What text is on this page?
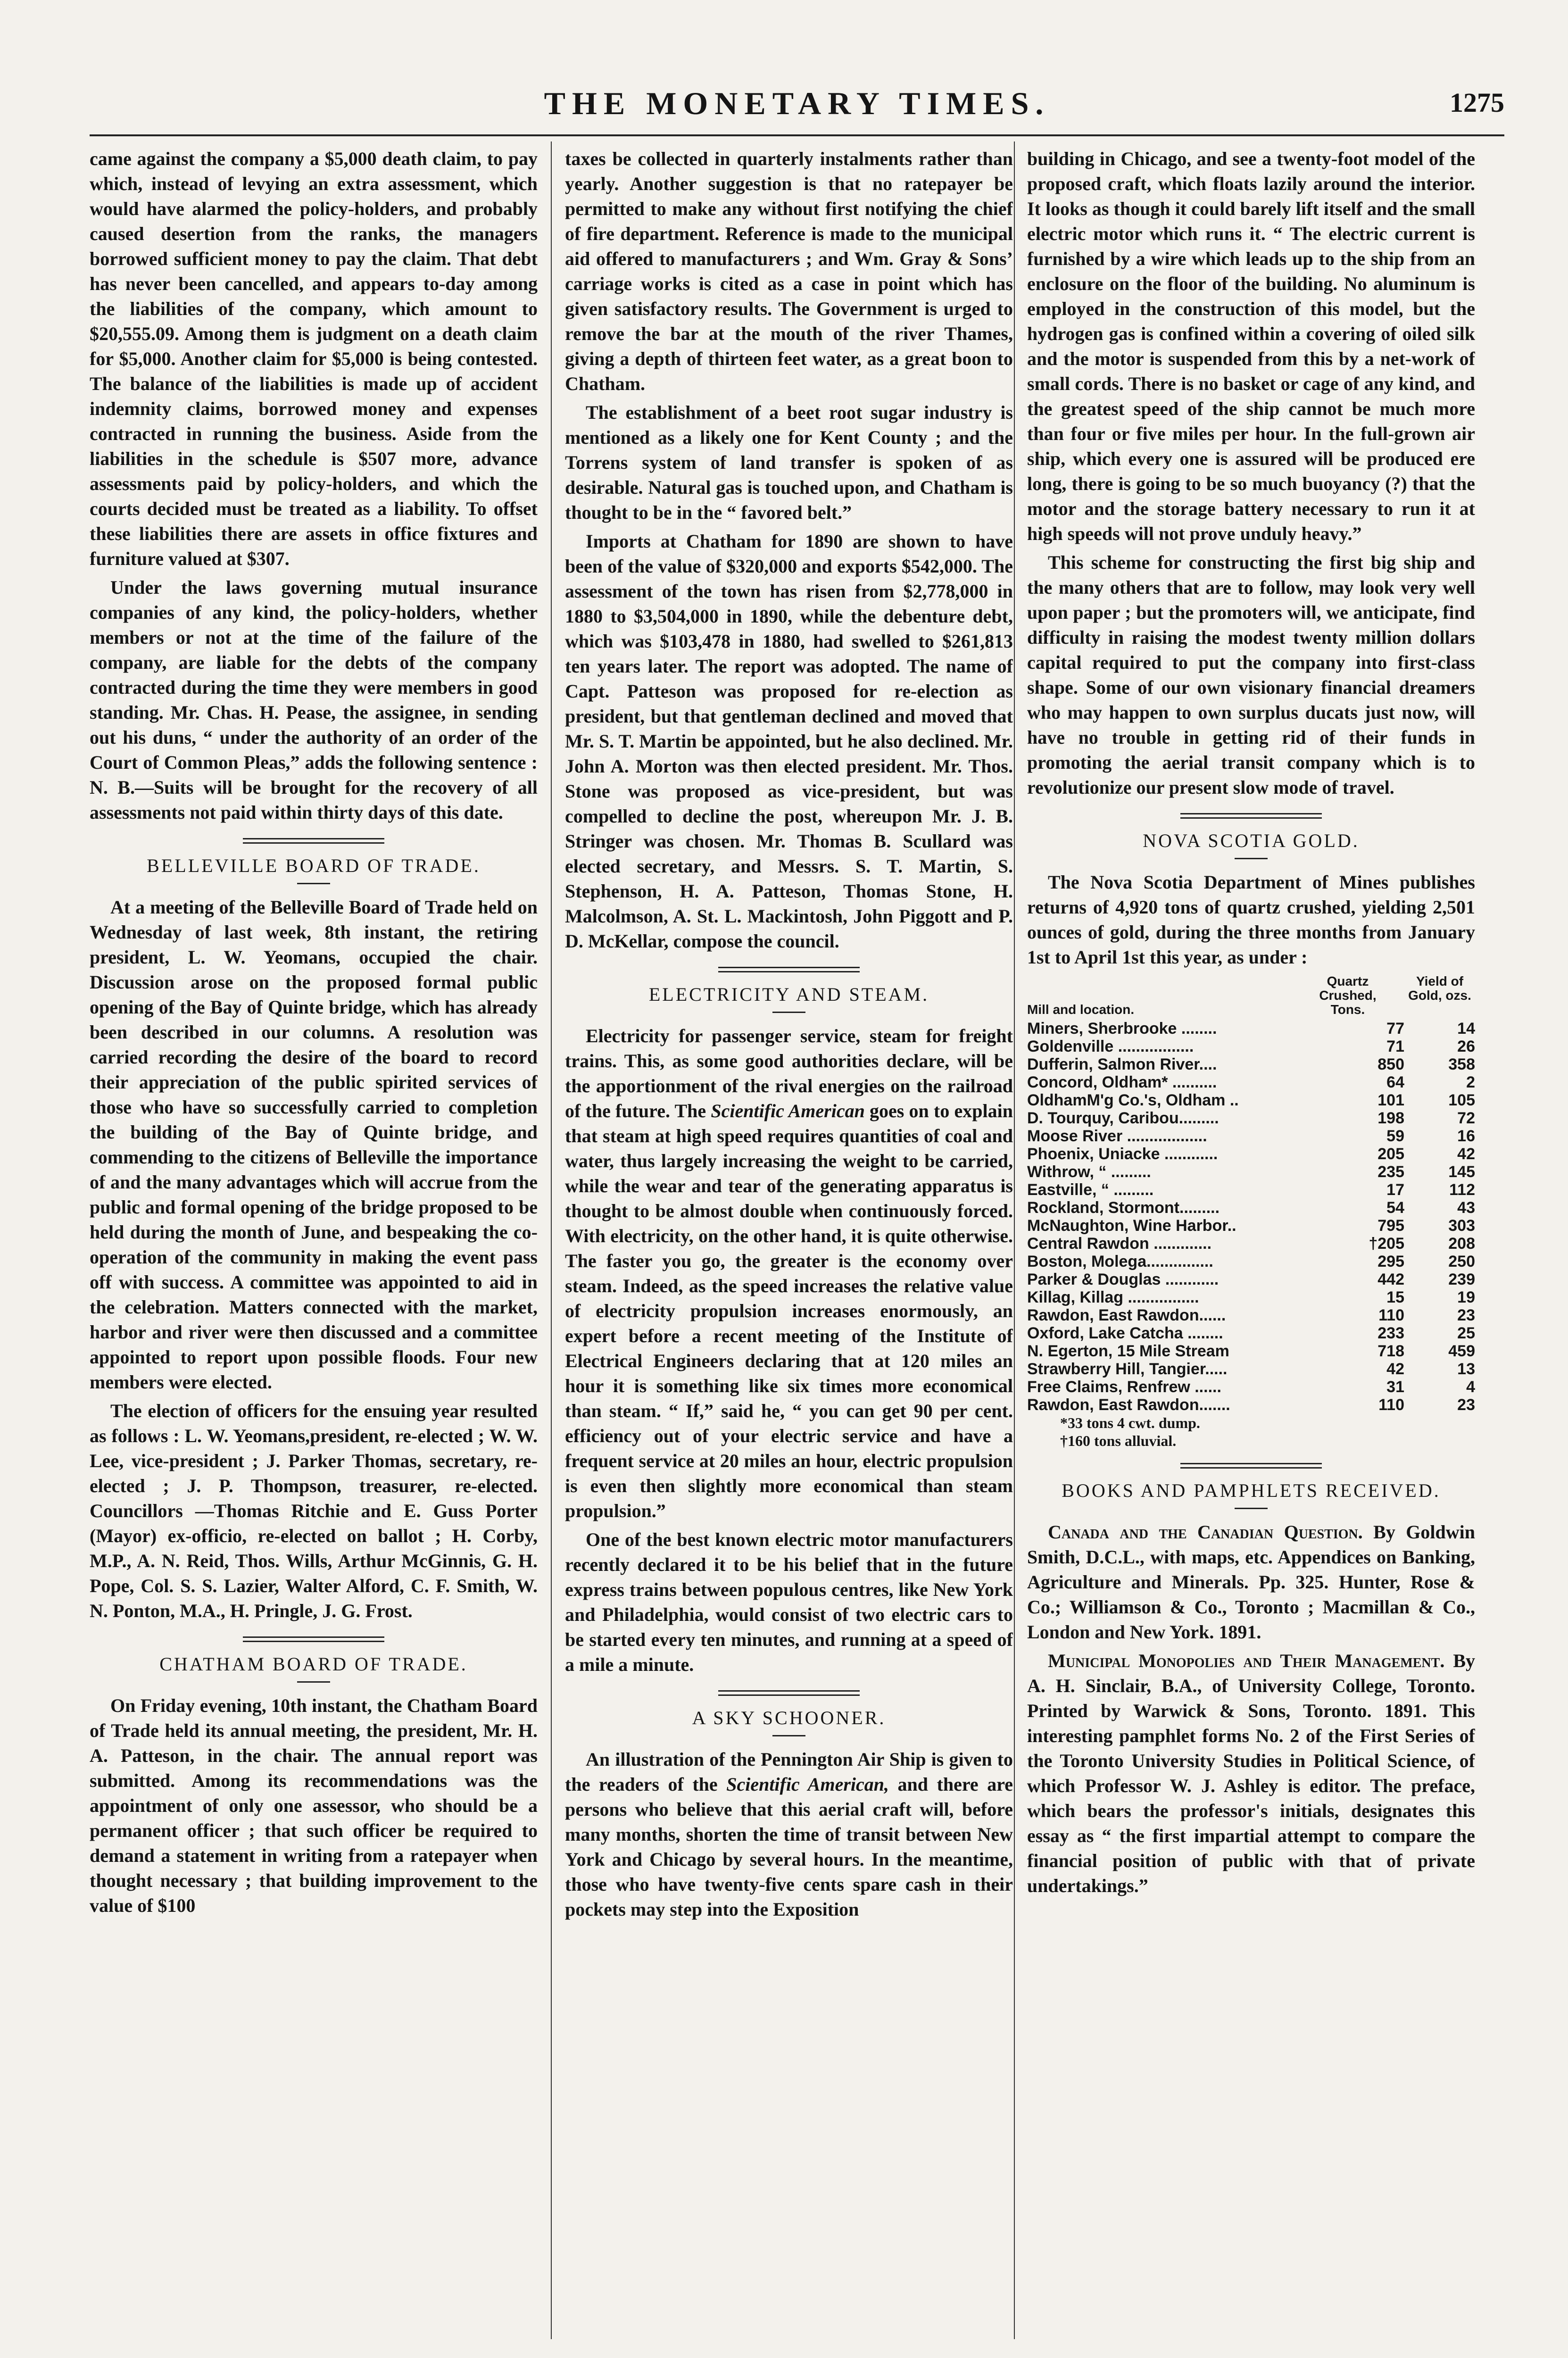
THE MONETARY TIMES.	1275

came against the company a $5,000 death claim, to pay which, instead of levying an extra assessment, which would have alarmed the policy-holders, and probably caused desertion from the ranks, the managers borrowed sufficient money to pay the claim. That debt has never been cancelled, and appears to-day among the liabilities of the company, which amount to $20,555.09. Among them is judgment on a death claim for $5,000. Another claim for $5,000 is being contested. The balance of the liabilities is made up of accident indemnity claims, borrowed money and expenses contracted in running the business. Aside from the liabilities in the schedule is $507 more, advance assessments paid by policy-holders, and which the courts decided must be treated as a liability. To offset these liabilities there are assets in office fixtures and furniture valued at $307.

Under the laws governing mutual insurance companies of any kind, the policy-holders, whether members or not at the time of the failure of the company, are liable for the debts of the company contracted during the time they were members in good standing. Mr. Chas. H. Pease, the assignee, in sending out his duns, “ under the authority of an order of the Court of Common Pleas,” adds the following sentence : N. B.—Suits will be brought for the recovery of all assessments not paid within thirty days of this date.

BELLEVILLE BOARD OF TRADE.

At a meeting of the Belleville Board of Trade held on Wednesday of last week, 8th instant, the retiring president, L. W. Yeomans, occupied the chair. Discussion arose on the proposed formal public opening of the Bay of Quinte bridge, which has already been described in our columns. A resolution was carried recording the desire of the board to record their appreciation of the public spirited services of those who have so successfully carried to completion the building of the Bay of Quinte bridge, and commending to the citizens of Belleville the importance of and the many advantages which will accrue from the public and formal opening of the bridge proposed to be held during the month of June, and bespeaking the co-operation of the community in making the event pass off with success. A committee was appointed to aid in the celebration. Matters connected with the market, harbor and river were then discussed and a committee appointed to report upon possible floods. Four new members were elected.

The election of officers for the ensuing year resulted as follows : L. W. Yeomans,president, re-elected ; W. W. Lee, vice-president ; J. Parker Thomas, secretary, re-elected ; J. P. Thompson, treasurer, re-elected. Councillors —Thomas Ritchie and E. Guss Porter (Mayor) ex-officio, re-elected on ballot ; H. Corby, M.P., A. N. Reid, Thos. Wills, Arthur McGinnis, G. H. Pope, Col. S. S. Lazier, Walter Alford, C. F. Smith, W. N. Ponton, M.A., H. Pringle, J. G. Frost.

CHATHAM BOARD OF TRADE.

On Friday evening, 10th instant, the Chatham Board of Trade held its annual meeting, the president, Mr. H. A. Patteson, in the chair. The annual report was submitted. Among its recommendations was the appointment of only one assessor, who should be a permanent officer ; that such officer be required to demand a statement in writing from a ratepayer when thought necessary ; that building improvement to the value of $100

taxes be collected in quarterly instalments rather than yearly. Another suggestion is that no ratepayer be permitted to make any without first notifying the chief of fire department. Reference is made to the municipal aid offered to manufacturers ; and Wm. Gray & Sons’ carriage works is cited as a case in point which has given satisfactory results. The Government is urged to remove the bar at the mouth of the river Thames, giving a depth of thirteen feet water, as a great boon to Chatham.

The establishment of a beet root sugar industry is mentioned as a likely one for Kent County ; and the Torrens system of land transfer is spoken of as desirable. Natural gas is touched upon, and Chatham is thought to be in the “ favored belt.”

Imports at Chatham for 1890 are shown to have been of the value of $320,000 and exports $542,000. The assessment of the town has risen from $2,778,000 in 1880 to $3,504,000 in 1890, while the debenture debt, which was $103,478 in 1880, had swelled to $261,813 ten years later. The report was adopted. The name of Capt. Patteson was proposed for re-election as president, but that gentleman declined and moved that Mr. S. T. Martin be appointed, but he also declined. Mr. John A. Morton was then elected president. Mr. Thos. Stone was proposed as vice-president, but was compelled to decline the post, whereupon Mr. J. B. Stringer was chosen. Mr. Thomas B. Scullard was elected secretary, and Messrs. S. T. Martin, S. Stephenson, H. A. Patteson, Thomas Stone, H. Malcolmson, A. St. L. Mackintosh, John Piggott and P. D. McKellar, compose the council.

ELECTRICITY AND STEAM.

Electricity for passenger service, steam for freight trains. This, as some good authorities declare, will be the apportionment of the rival energies on the railroad of the future. The Scientific American goes on to explain that steam at high speed requires quantities of coal and water, thus largely increasing the weight to be carried, while the wear and tear of the generating apparatus is thought to be almost double when continuously forced. With electricity, on the other hand, it is quite otherwise. The faster you go, the greater is the economy over steam. Indeed, as the speed increases the relative value of electricity propulsion increases enormously, an expert before a recent meeting of the Institute of Electrical Engineers declaring that at 120 miles an hour it is something like six times more economical than steam. “ If,” said he, “ you can get 90 per cent. efficiency out of your electric service and have a frequent service at 20 miles an hour, electric propulsion is even then slightly more economical than steam propulsion.”

One of the best known electric motor manufacturers recently declared it to be his belief that in the future express trains between populous centres, like New York and Philadelphia, would consist of two electric cars to be started every ten minutes, and running at a speed of a mile a minute.

A SKY SCHOONER.

An illustration of the Pennington Air Ship is given to the readers of the Scientific American, and there are persons who believe that this aerial craft will, before many months, shorten the time of transit between New York and Chicago by several hours. In the meantime, those who have twenty-five cents spare cash in their pockets may step into the Exposition

building in Chicago, and see a twenty-foot model of the proposed craft, which floats lazily around the interior. It looks as though it could barely lift itself and the small electric motor which runs it. “ The electric current is furnished by a wire which leads up to the ship from an enclosure on the floor of the building. No aluminum is employed in the construction of this model, but the hydrogen gas is confined within a covering of oiled silk and the motor is suspended from this by a net-work of small cords. There is no basket or cage of any kind, and the greatest speed of the ship cannot be much more than four or five miles per hour. In the full-grown air ship, which every one is assured will be produced ere long, there is going to be so much buoyancy (?) that the motor and the storage battery necessary to run it at high speeds will not prove unduly heavy.”

This scheme for constructing the first big ship and the many others that are to follow, may look very well upon paper ; but the promoters will, we anticipate, find difficulty in raising the modest twenty million dollars capital required to put the company into first-class shape. Some of our own visionary financial dreamers who may happen to own surplus ducats just now, will have no trouble in getting rid of their funds in promoting the aerial transit company which is to revolutionize our present slow mode of travel.

NOVA SCOTIA GOLD.

The Nova Scotia Department of Mines publishes returns of 4,920 tons of quartz crushed, yielding 2,501 ounces of gold, during the three months from January 1st to April 1st this year, as under :

Mill and location.
Quartz Crushed, Tons.
Yield of Gold, ozs.
Miners, Sherbrooke ........	77	14
Goldenville .................	71	26
Dufferin, Salmon River....	850	358
Concord, Oldham* ..........	64	2
OldhamM'g Co.'s, Oldham ..	101	105
D. Tourquy, Caribou.........	198	72
Moose River ..................	59	16
Phoenix, Uniacke ............	205	42
Withrow, “ .........	235	145
Eastville, “ .........	17	112
Rockland, Stormont.........	54	43
McNaughton, Wine Harbor..	795	303
Central Rawdon .............	†205	208
Boston, Molega...............	295	250
Parker & Douglas ............	442	239
Killag, Killag ................	15	19
Rawdon, East Rawdon......	110	23
Oxford, Lake Catcha ........	233	25
N. Egerton, 15 Mile Stream	718	459
Strawberry Hill, Tangier.....	42	13
Free Claims, Renfrew ......	31	4
Rawdon, East Rawdon.......	110	23
*33 tons 4 cwt. dump.
†160 tons alluvial.
BOOKS AND PAMPHLETS RECEIVED.

Canada and the Canadian Question. By Goldwin Smith, D.C.L., with maps, etc. Appendices on Banking, Agriculture and Minerals. Pp. 325. Hunter, Rose & Co.; Williamson & Co., Toronto ; Macmillan & Co., London and New York. 1891.

Municipal Monopolies and Their Management. By A. H. Sinclair, B.A., of University College, Toronto. Printed by Warwick & Sons, Toronto. 1891. This interesting pamphlet forms No. 2 of the First Series of the Toronto University Studies in Political Science, of which Professor W. J. Ashley is editor. The preface, which bears the professor's initials, designates this essay as “ the first impartial attempt to compare the financial position of public with that of private undertakings.”
